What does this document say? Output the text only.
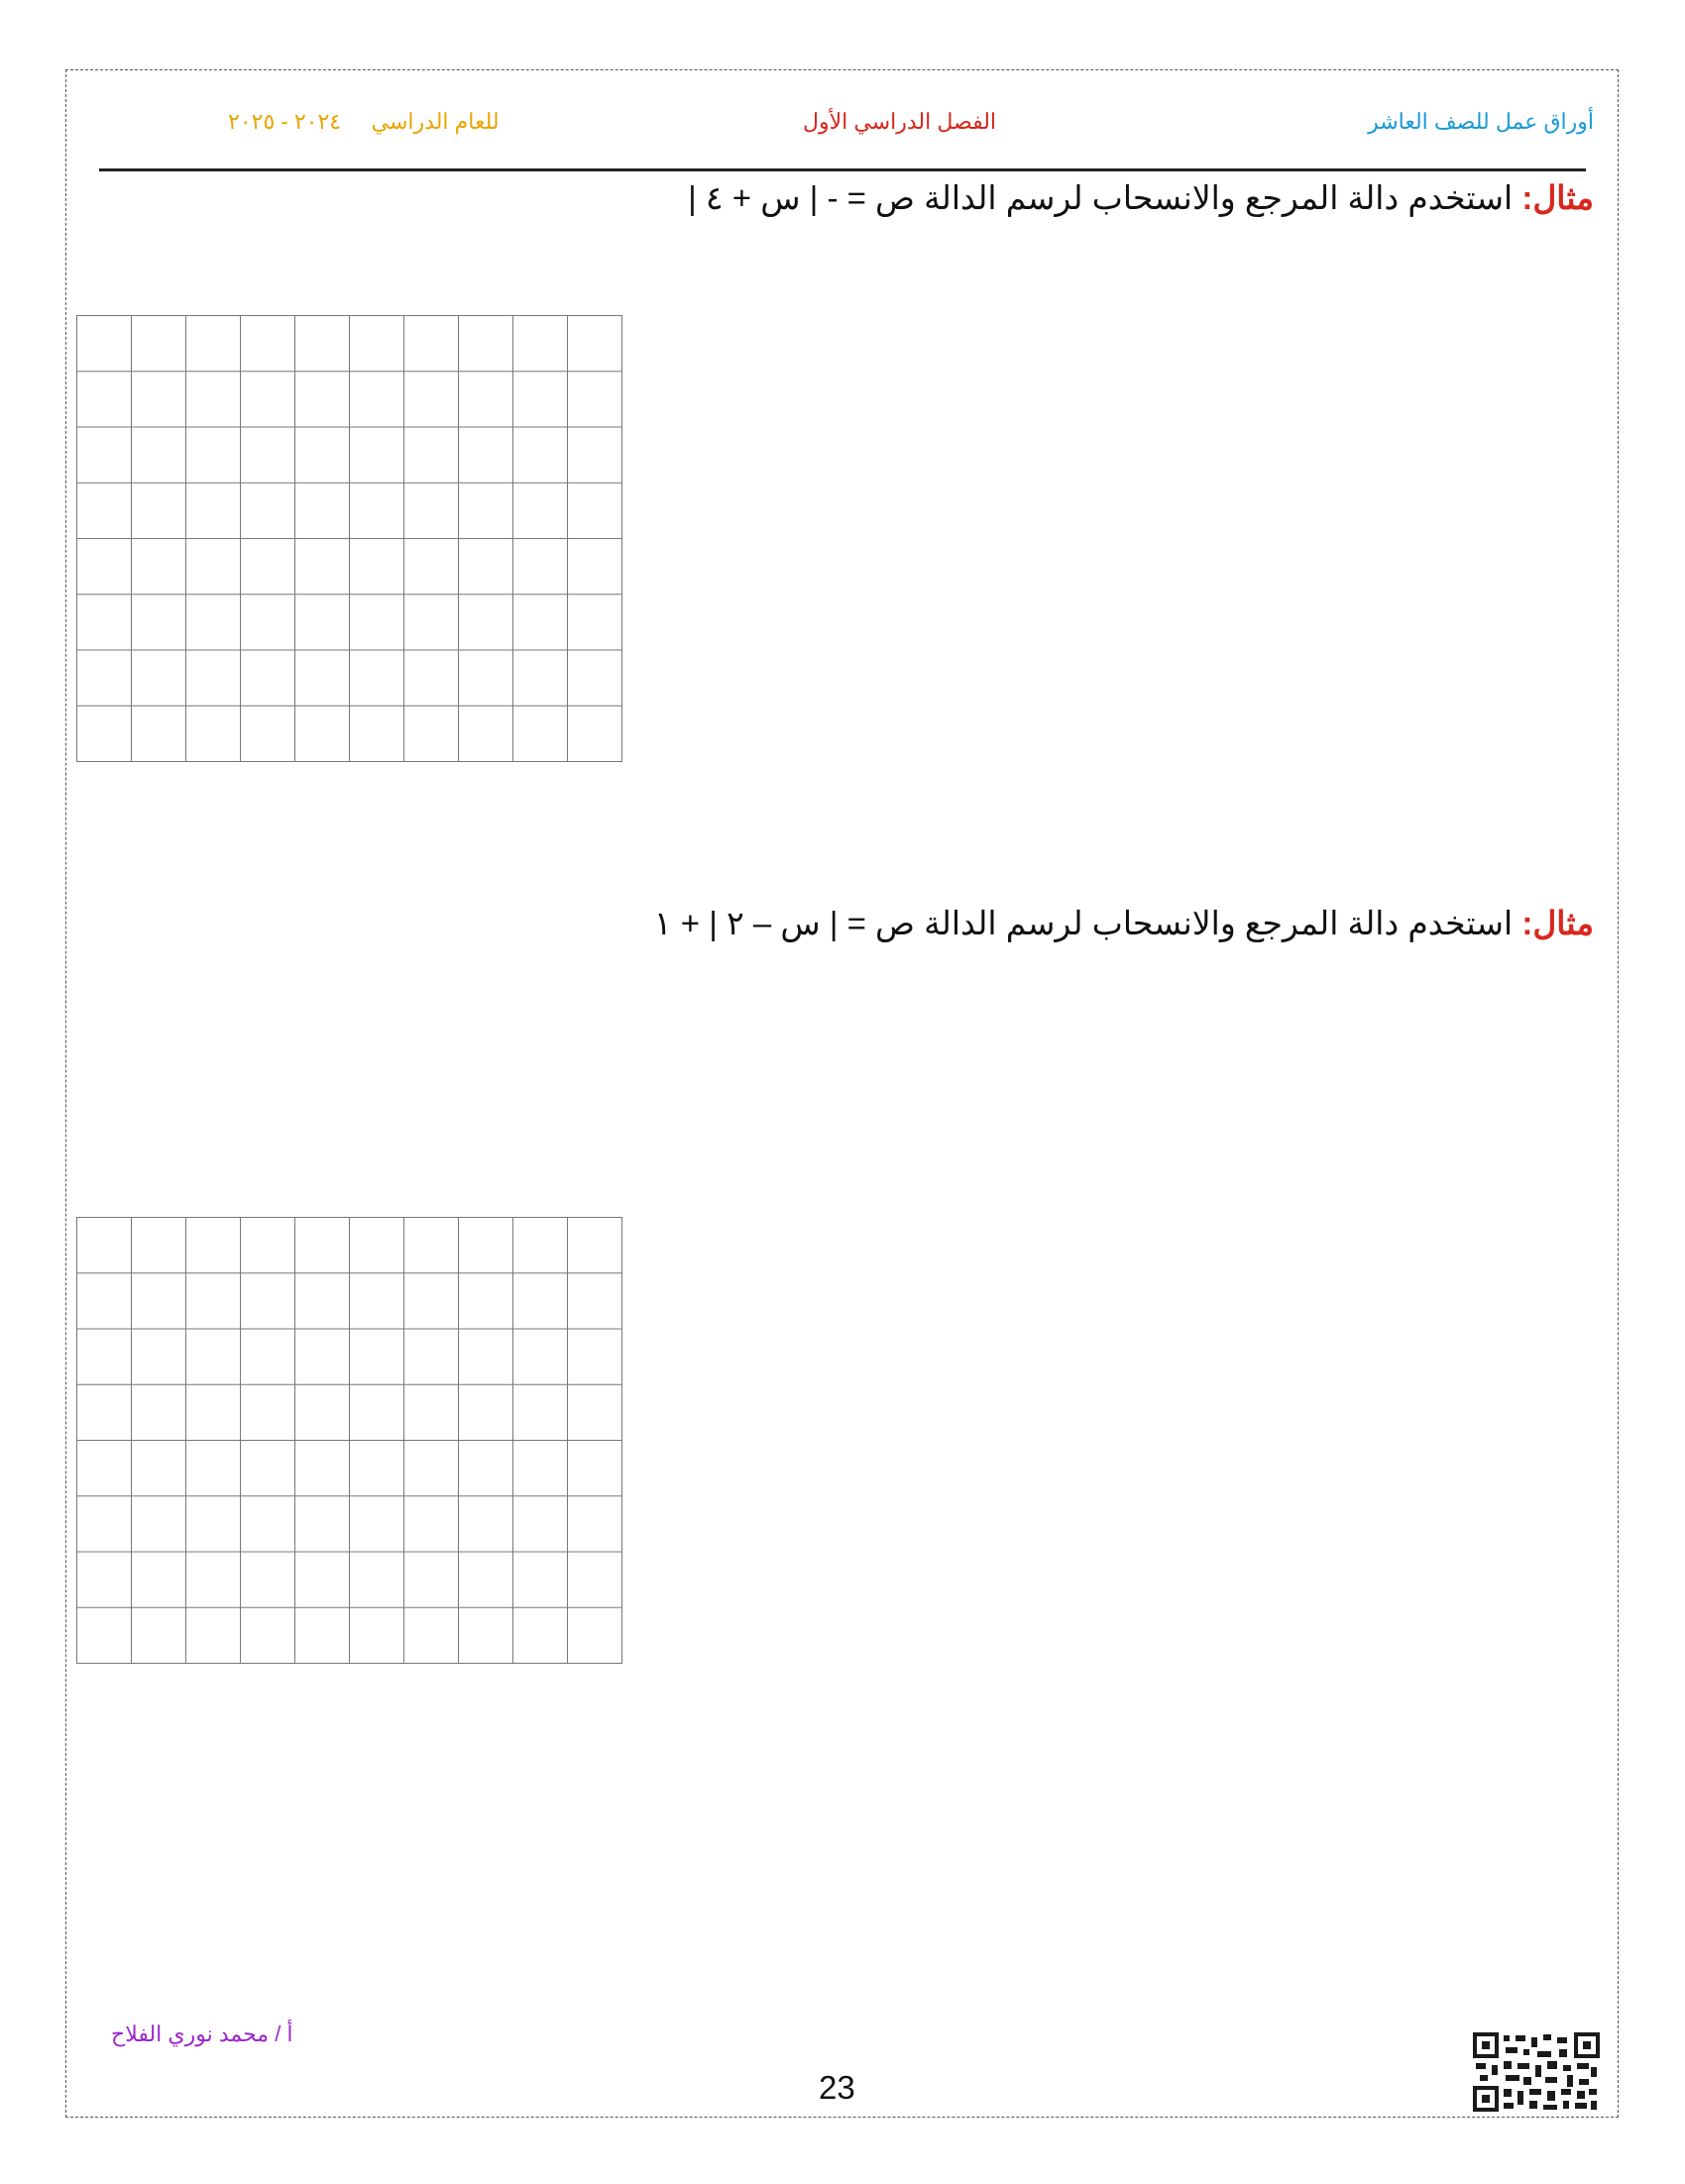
أوراق عمل للصف العاشر
الفصل الدراسي الأول
للعام الدراسي     ٢٠٢٤ - ٢٠٢٥
مثال: استخدم دالة المرجع والانسحاب لرسم الدالة ص = - | س + ٤ |
مثال: استخدم دالة المرجع والانسحاب لرسم الدالة ص = | س – ٢ | + ١
أ / محمد نوري الفلاح
23
